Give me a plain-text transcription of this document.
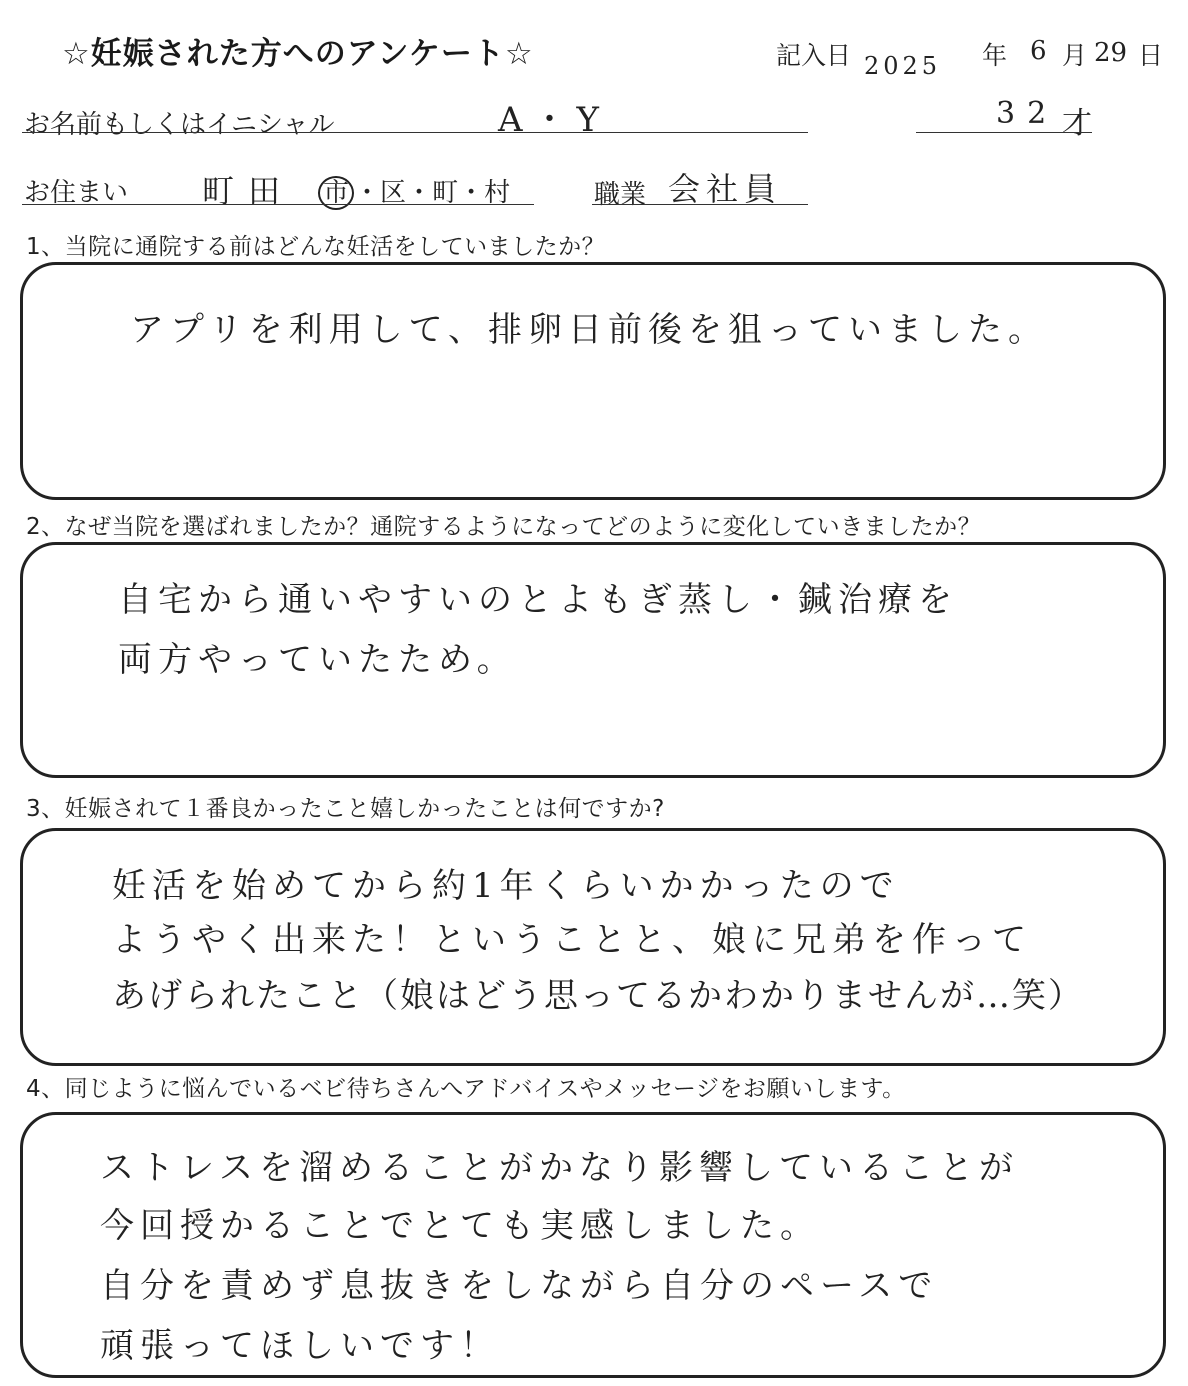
☆妊娠された方へのアンケート☆	記入日 2025 年 6 月 29 日
お名前もしくはイニシャル	A・Y	32 才
お住まい 町田 市 ・区・町・村	職業 会社員
1、当院に通院する前はどんな妊活をしていましたか？
アプリを利用して、排卵日前後を狙っていました。
2、なぜ当院を選ばれましたか？通院するようになってどのように変化していきましたか？
自宅から通いやすいのとよもぎ蒸し・鍼治療を
両方やっていたため。
3、妊娠されて１番良かったこと嬉しかったことは何ですか?
妊活を始めてから約1年くらいかかったので
ようやく出来た！ということと、娘に兄弟を作って
あげられたこと（娘はどう思ってるかわかりませんが…笑）
4、同じように悩んでいるベビ待ちさんへアドバイスやメッセージをお願いします。
ストレスを溜めることがかなり影響していることが
今回授かることでとても実感しました。
自分を責めず息抜きをしながら自分のペースで
頑張ってほしいです！
